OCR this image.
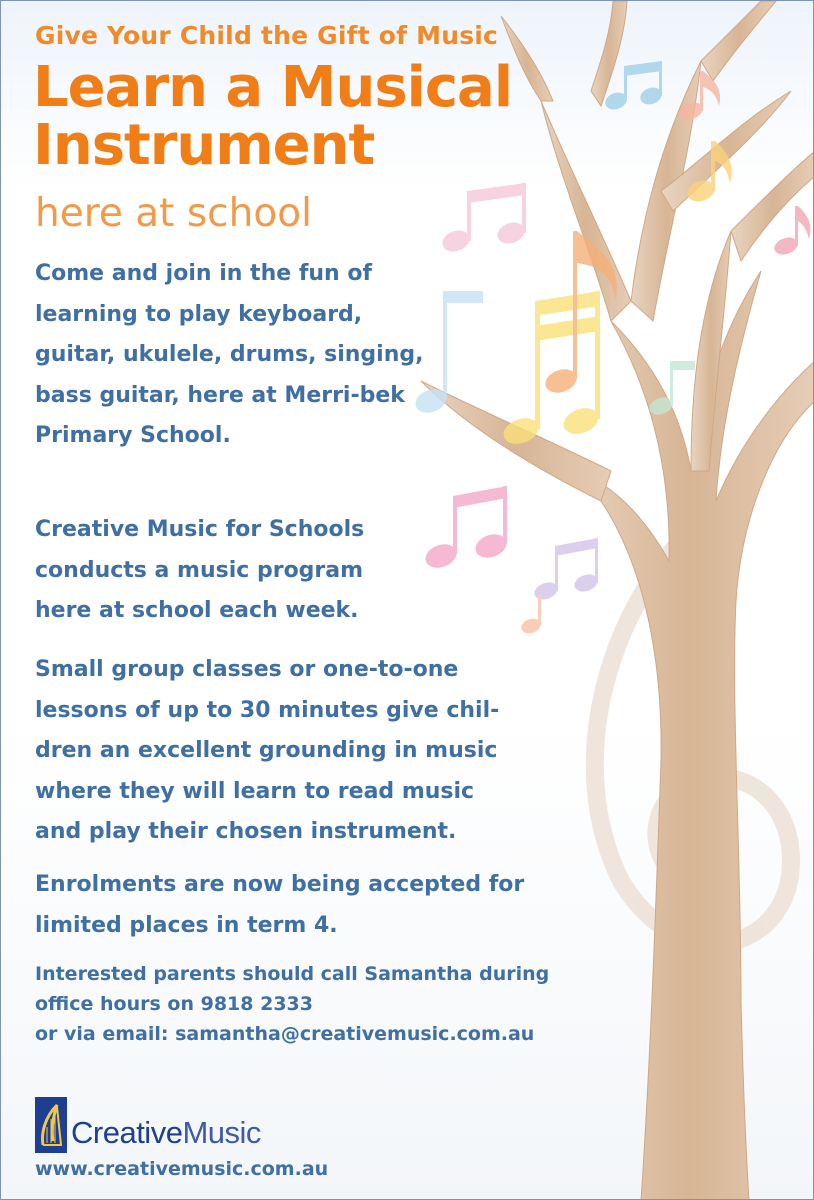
Give Your Child the Gift of Music

Learn a Musical
Instrument

here at school

Come and join in the fun of
learning to play keyboard,
guitar, ukulele, drums, singing,
bass guitar, here at Merri-bek
Primary School.

Creative Music for Schools
conducts a music program
here at school each week.

Small group classes or one-to-one
lessons of up to 30 minutes give chil-
dren an excellent grounding in music
where they will learn to read music
and play their chosen instrument.

Enrolments are now being accepted for
limited places in term 4.

Interested parents should call Samantha during
office hours on 9818 2333
or via email: samantha@creativemusic.com.au

CreativeMusic

www.creativemusic.com.au
